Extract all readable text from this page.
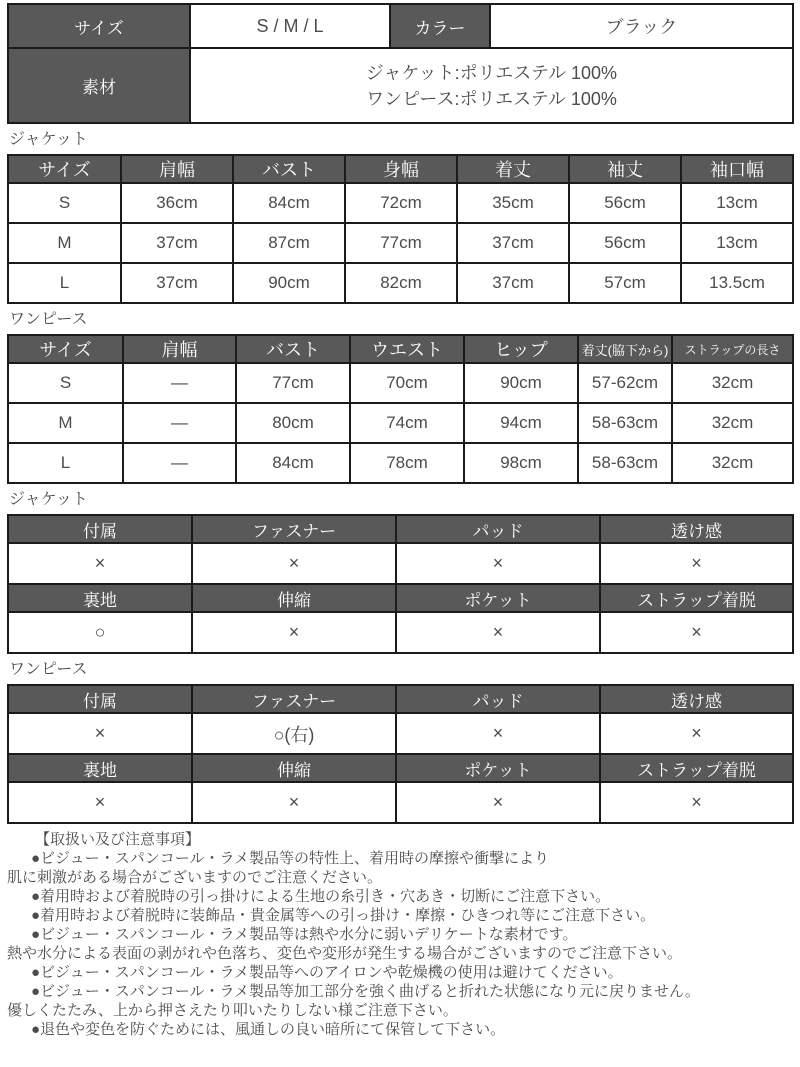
サイズ	S / M / L	カラー	ブラック
素材	ジャケット:ポリエステル 100%
ワンピース:ポリエステル 100%		
ジャケット
サイズ	肩幅	バスト	身幅	着丈	袖丈	袖口幅
S	36cm	84cm	72cm	35cm	56cm	13cm
M	37cm	87cm	77cm	37cm	56cm	13cm
L	37cm	90cm	82cm	37cm	57cm	13.5cm
ワンピース
サイズ	肩幅	バスト	ウエスト	ヒップ	着丈(脇下から)	ストラップの長さ
S	―	77cm	70cm	90cm	57-62cm	32cm
M	―	80cm	74cm	94cm	58-63cm	32cm
L	―	84cm	78cm	98cm	58-63cm	32cm
ジャケット
付属	ファスナー	パッド	透け感
×	×	×	×
裏地	伸縮	ポケット	ストラップ着脱
○	×	×	×
ワンピース
付属	ファスナー	パッド	透け感
×	○(右)	×	×
裏地	伸縮	ポケット	ストラップ着脱
×	×	×	×
【取扱い及び注意事項】
●ビジュー・スパンコール・ラメ製品等の特性上、着用時の摩擦や衝撃により
肌に刺激がある場合がございますのでご注意ください。
●着用時および着脱時の引っ掛けによる生地の糸引き・穴あき・切断にご注意下さい。
●着用時および着脱時に装飾品・貴金属等への引っ掛け・摩擦・ひきつれ等にご注意下さい。
●ビジュー・スパンコール・ラメ製品等は熱や水分に弱いデリケートな素材です。
熱や水分による表面の剥がれや色落ち、変色や変形が発生する場合がございますのでご注意下さい。
●ビジュー・スパンコール・ラメ製品等へのアイロンや乾燥機の使用は避けてください。
●ビジュー・スパンコール・ラメ製品等加工部分を強く曲げると折れた状態になり元に戻りません。
優しくたたみ、上から押さえたり叩いたりしない様ご注意下さい。
●退色や変色を防ぐためには、風通しの良い暗所にて保管して下さい。
